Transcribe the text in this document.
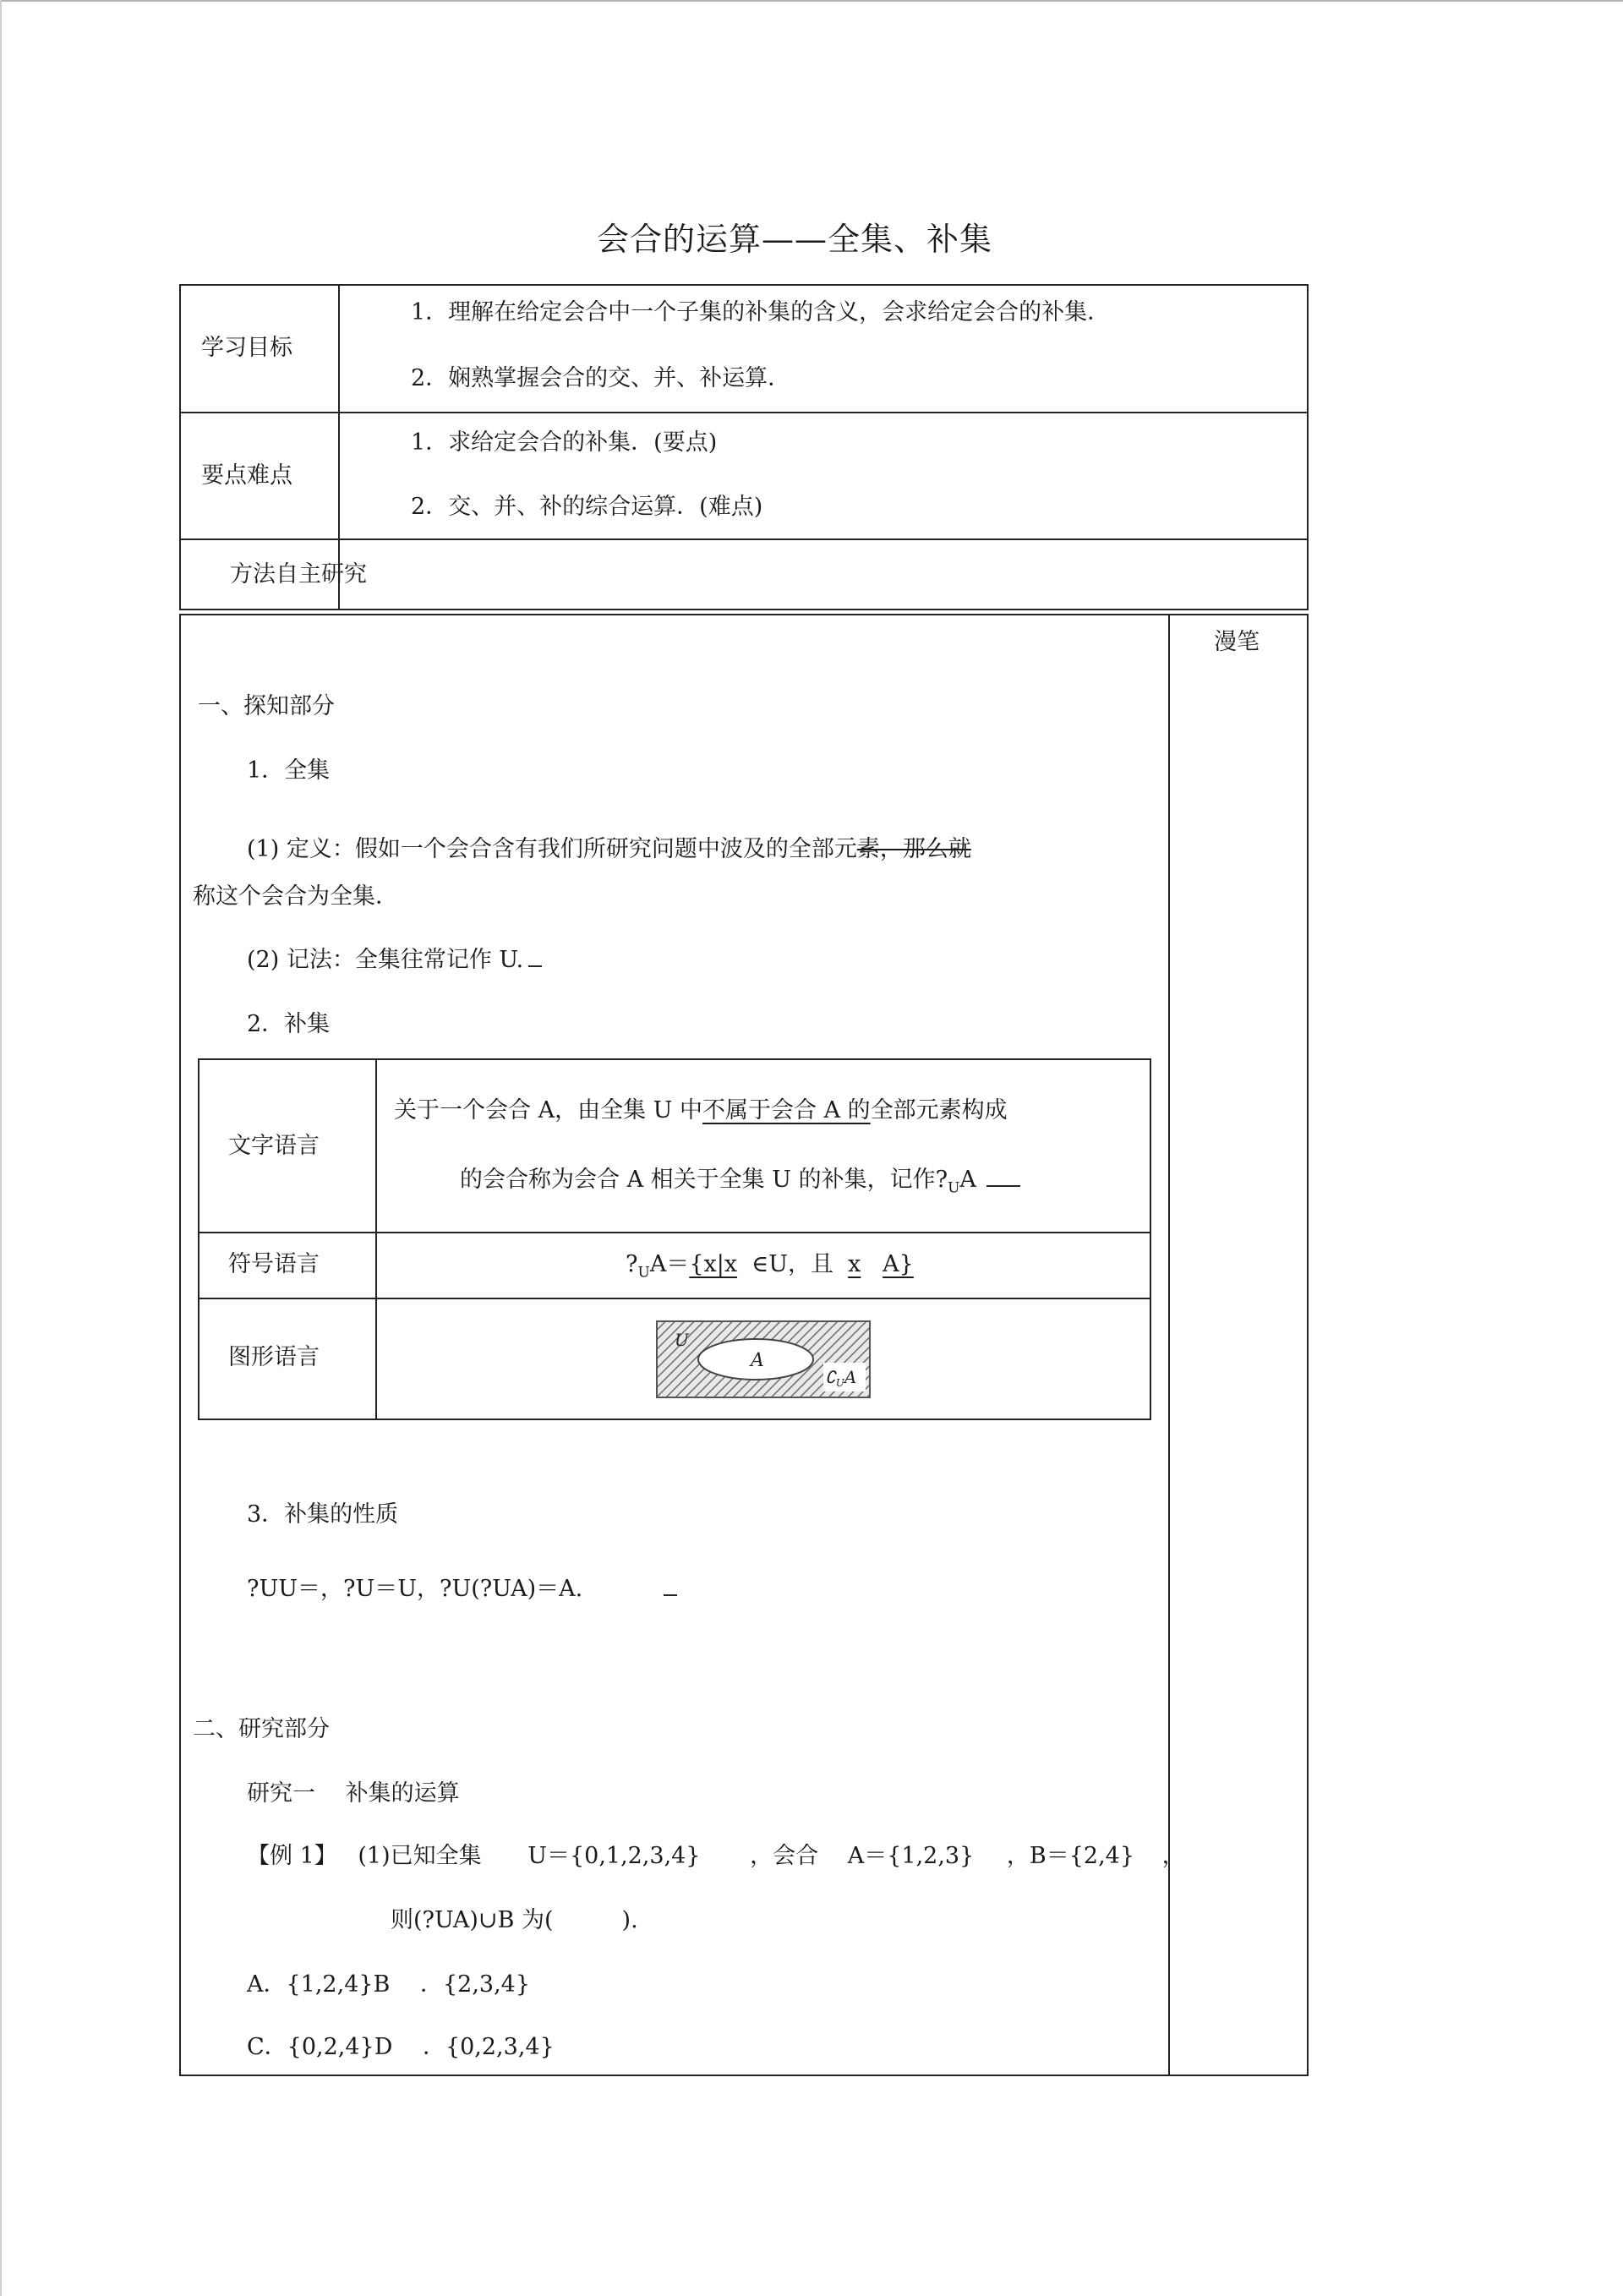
会合的运算——全集、补集
学习目标
1．理解在给定会合中一个子集的补集的含义，会求给定会合的补集．
2．娴熟掌握会合的交、并、补运算．
要点难点
1．求给定会合的补集．(要点)
2．交、并、补的综合运算．(难点)
方法自主研究
漫笔
一、探知部分
1．全集
(1) 定义：假如一个会合含有我们所研究问题中波及的全部元素，那么就
称这个会合为全集．
(2) 记法：全集往常记作 U.
2．补集
文字语言
关于一个会合 A，由全集 U 中不属于会合 A 的全部元素构成
的会合称为会合 A 相关于全集 U 的补集，记作$?_UA$
符号语言	$?_UA=\{x|x$  ∈U，且  x A}
图形语言
U
A
$∁_UA$
3．补集的性质
?UU＝，?U＝U，?U(?UA)＝A.
二、研究部分
研究一　 补集的运算
【例 1】 (1)已知全集 U＝{0,1,2,3,4} ，会合 A＝{1,2,3} ，B＝{2,4} ，
则(?UA)∪B 为(　　　).
A．{1,2,4}B　 ．{2,3,4}
C．{0,2,4}D　 ．{0,2,3,4}
